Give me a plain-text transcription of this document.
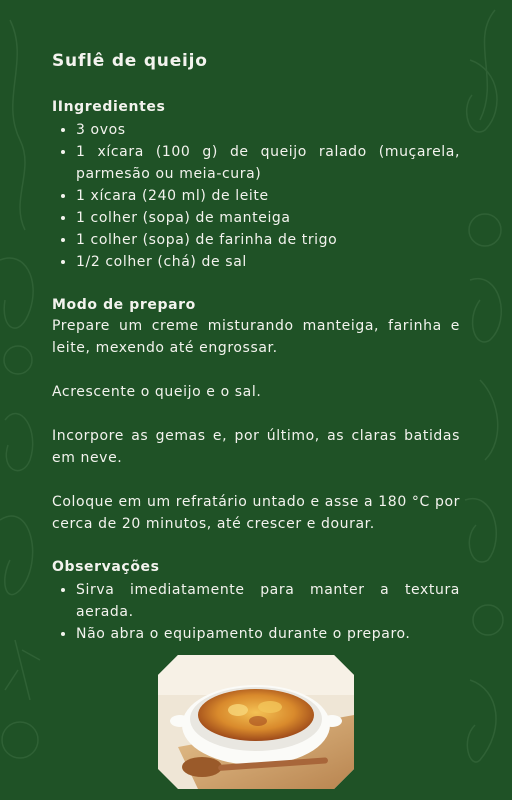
Suflê de queijo
IIngredientes
• 3 ovos
• 1 xícara (100 g) de queijo ralado (muçarela, parmesão ou meia-cura)
• 1 xícara (240 ml) de leite
• 1 colher (sopa) de manteiga
• 1 colher (sopa) de farinha de trigo
• 1/2 colher (chá) de sal
Modo de preparo

Prepare um creme misturando manteiga, farinha e leite, mexendo até engrossar.

Acrescente o queijo e o sal.

Incorpore as gemas e, por último, as claras batidas em neve.

Coloque em um refratário untado e asse a 180 °C por cerca de 20 minutos, até crescer e dourar.

Observações
• Sirva imediatamente para manter a textura aerada.
• Não abra o equipamento durante o preparo.
